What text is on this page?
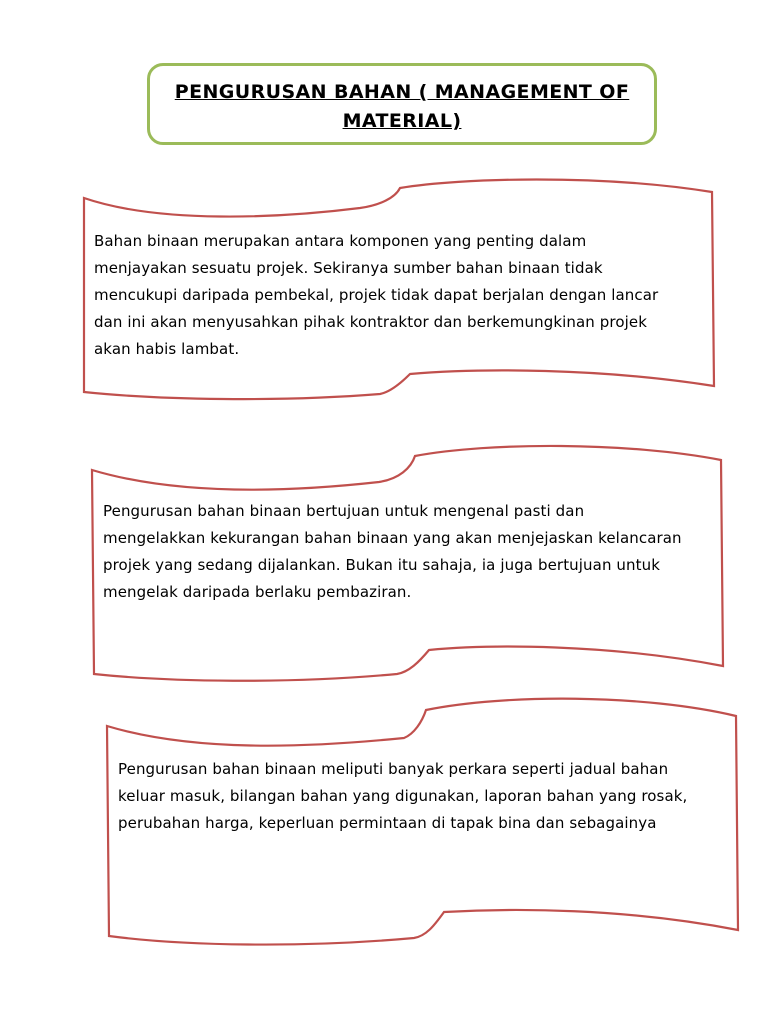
PENGURUSAN BAHAN ( MANAGEMENT OF
MATERIAL)

Bahan binaan merupakan antara komponen yang penting dalam
menjayakan sesuatu projek. Sekiranya sumber bahan binaan tidak
mencukupi daripada pembekal, projek tidak dapat berjalan dengan lancar
dan ini akan menyusahkan pihak kontraktor dan berkemungkinan projek
akan habis lambat.

Pengurusan bahan binaan bertujuan untuk mengenal pasti dan
mengelakkan kekurangan bahan binaan yang akan menjejaskan kelancaran
projek yang sedang dijalankan. Bukan itu sahaja, ia juga bertujuan untuk
mengelak daripada berlaku pembaziran.

Pengurusan bahan binaan meliputi banyak perkara seperti jadual bahan
keluar masuk, bilangan bahan yang digunakan, laporan bahan yang rosak,
perubahan harga, keperluan permintaan di tapak bina dan sebagainya
